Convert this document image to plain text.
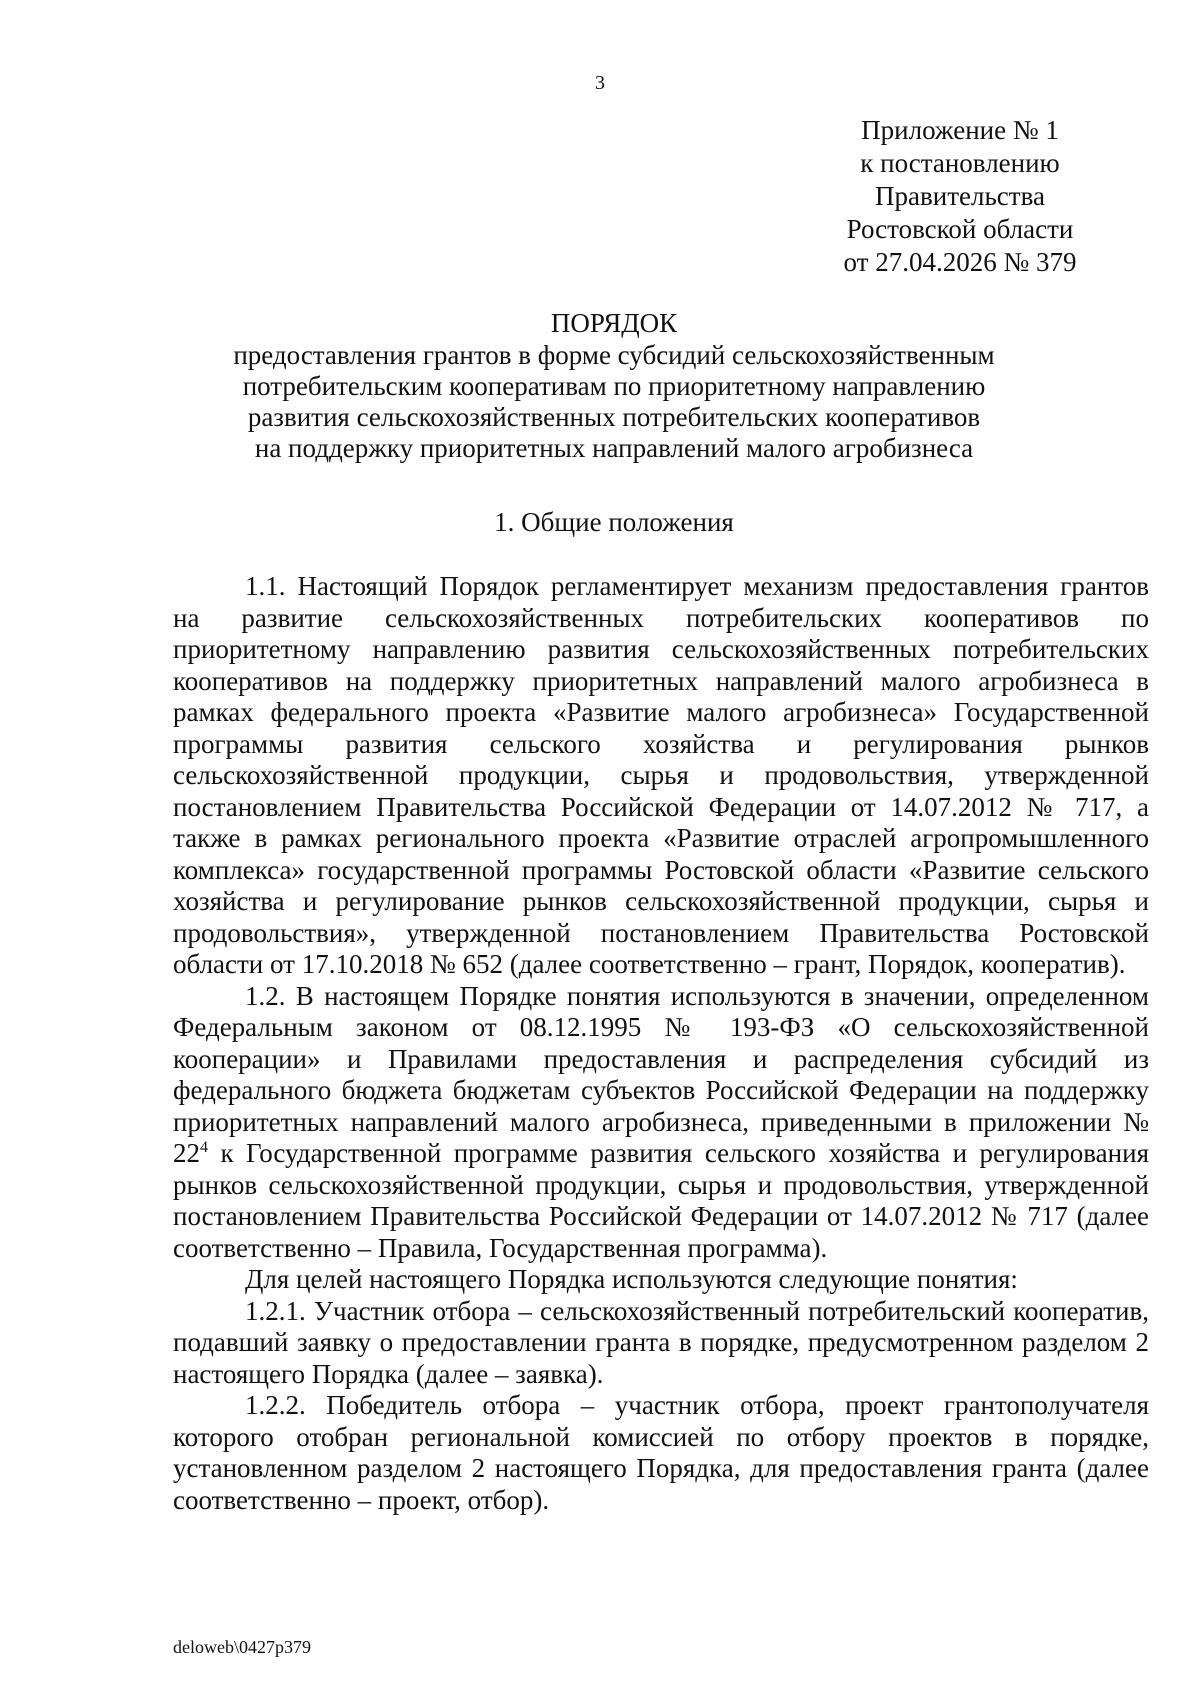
3
Приложение № 1
к постановлению
Правительства
Ростовской области
от 27.04.2026 № 379
ПОРЯДОК
предоставления грантов в форме субсидий сельскохозяйственным
потребительским кооперативам по приоритетному направлению
развития сельскохозяйственных потребительских кооперативов
на поддержку приоритетных направлений малого агробизнеса
1. Общие положения

1.1. Настоящий Порядок регламентирует механизм предоставления грантов на развитие сельскохозяйственных потребительских кооперативов по приоритетному направлению развития сельскохозяйственных потребительских кооперативов на поддержку приоритетных направлений малого агробизнеса в рамках федерального проекта «Развитие малого агробизнеса» Государственной программы развития сельского хозяйства и регулирования рынков сельскохозяйственной продукции, сырья и продовольствия, утвержденной постановлением Правительства Российской Федерации от 14.07.2012 № 717, а также в рамках регионального проекта «Развитие отраслей агропромышленного комплекса» государственной программы Ростовской области «Развитие сельского хозяйства и регулирование рынков сельскохозяйственной продукции, сырья и продовольствия», утвержденной постановлением Правительства Ростовской области от 17.10.2018 № 652 (далее соответственно – грант, Порядок, кооператив).

1.2. В настоящем Порядке понятия используются в значении, определенном Федеральным законом от 08.12.1995 № 193-ФЗ «О сельскохозяйственной кооперации» и Правилами предоставления и распределения субсидий из федерального бюджета бюджетам субъектов Российской Федерации на поддержку приоритетных направлений малого агробизнеса, приведенными в приложении № $22^4$ к Государственной программе развития сельского хозяйства и регулирования рынков сельскохозяйственной продукции, сырья и продовольствия, утвержденной постановлением Правительства Российской Федерации от 14.07.2012 № 717 (далее соответственно – Правила, Государственная программа).

Для целей настоящего Порядка используются следующие понятия:

1.2.1. Участник отбора – сельскохозяйственный потребительский кооператив, подавший заявку о предоставлении гранта в порядке, предусмотренном разделом 2 настоящего Порядка (далее – заявка).

1.2.2. Победитель отбора – участник отбора, проект грантополучателя которого отобран региональной комиссией по отбору проектов в порядке, установленном разделом 2 настоящего Порядка, для предоставления гранта (далее соответственно – проект, отбор).

deloweb\0427p379
